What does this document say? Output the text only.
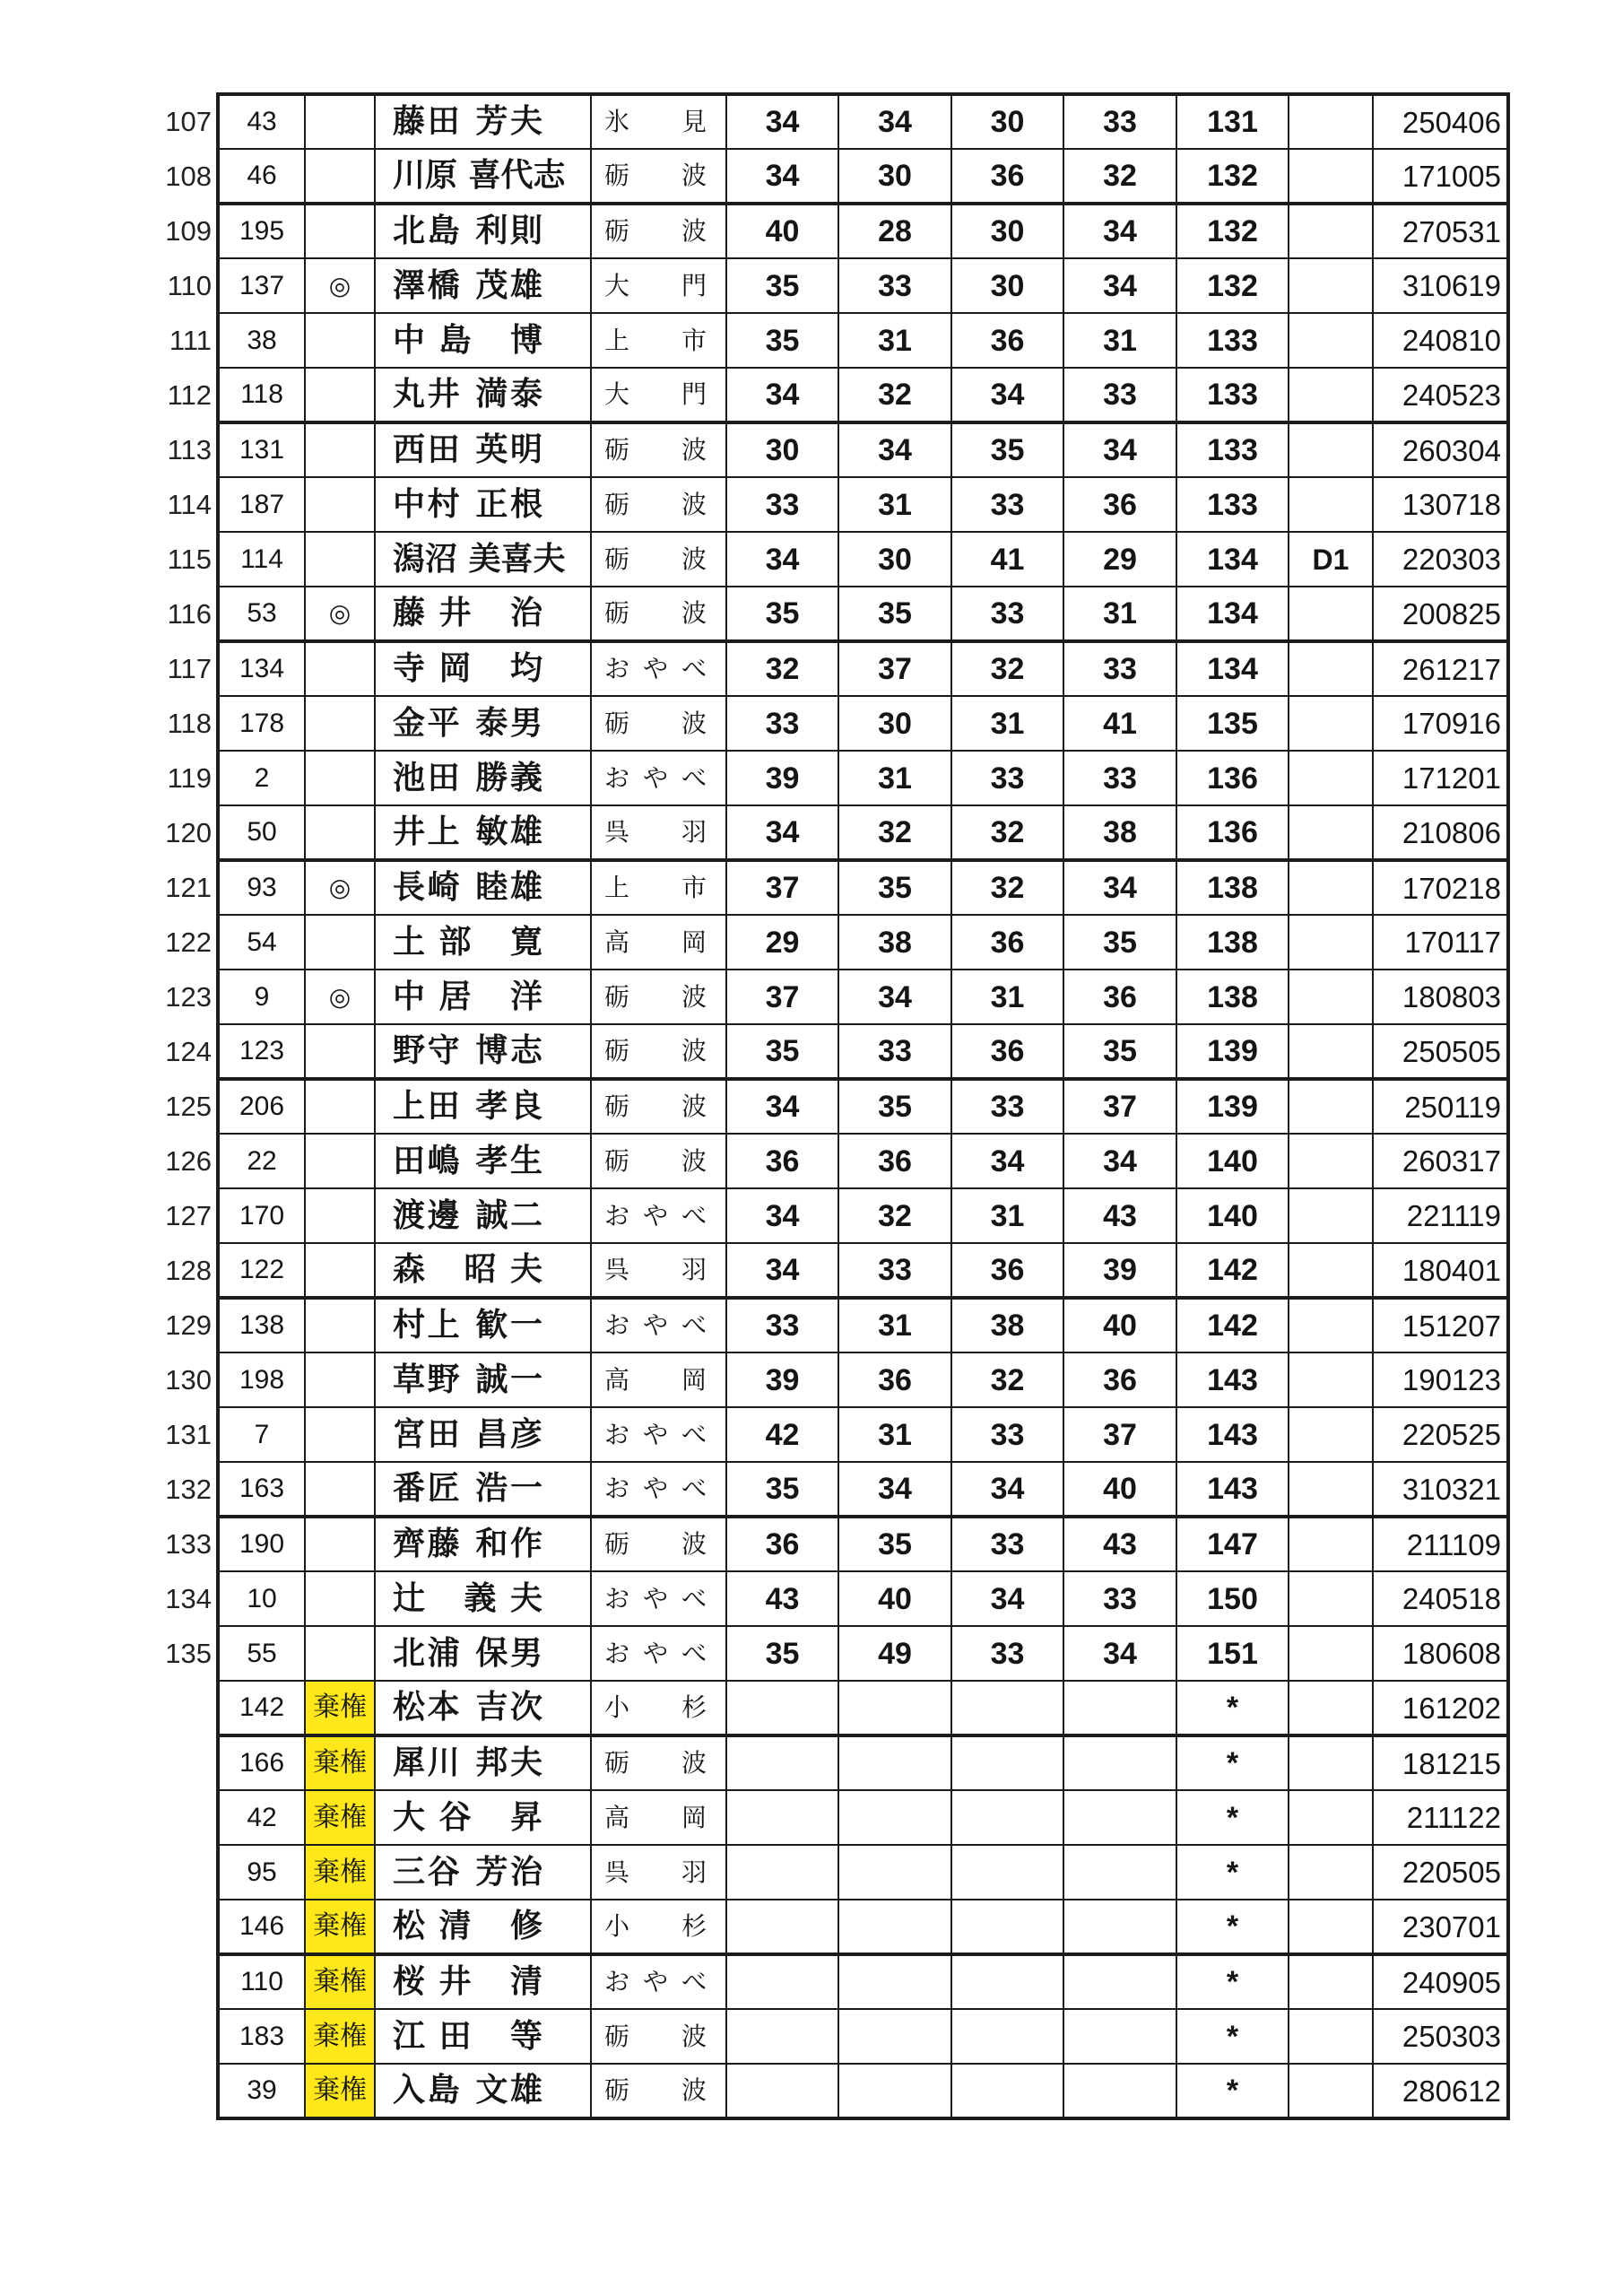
107	43		藤田 芳夫	氷 見	34	34	30	33	131		250406
108	46		川原 喜代志	砺 波	34	30	36	32	132		171005
109	195		北島 利則	砺 波	40	28	30	34	132		270531
110	137	◎	澤橋 茂雄	大 門	35	33	30	34	132		310619
111	38		中島 博	上 市	35	31	36	31	133		240810
112	118		丸井 満泰	大 門	34	32	34	33	133		240523
113	131		西田 英明	砺 波	30	34	35	34	133		260304
114	187		中村 正根	砺 波	33	31	33	36	133		130718
115	114		潟沼 美喜夫	砺 波	34	30	41	29	134	D1	220303
116	53	◎	藤井 治	砺 波	35	35	33	31	134		200825
117	134		寺岡 均	おやべ	32	37	32	33	134		261217
118	178		金平 泰男	砺 波	33	30	31	41	135		170916
119	2		池田 勝義	おやべ	39	31	33	33	136		171201
120	50		井上 敏雄	呉 羽	34	32	32	38	136		210806
121	93	◎	長崎 睦雄	上 市	37	35	32	34	138		170218
122	54		土部 寛	高 岡	29	38	36	35	138		170117
123	9	◎	中居 洋	砺 波	37	34	31	36	138		180803
124	123		野守 博志	砺 波	35	33	36	35	139		250505
125	206		上田 孝良	砺 波	34	35	33	37	139		250119
126	22		田嶋 孝生	砺 波	36	36	34	34	140		260317
127	170		渡邊 誠二	おやべ	34	32	31	43	140		221119
128	122		森 昭夫	呉 羽	34	33	36	39	142		180401
129	138		村上 歓一	おやべ	33	31	38	40	142		151207
130	198		草野 誠一	高 岡	39	36	32	36	143		190123
131	7		宮田 昌彦	おやべ	42	31	33	37	143		220525
132	163		番匠 浩一	おやべ	35	34	34	40	143		310321
133	190		齊藤 和作	砺 波	36	35	33	43	147		211109
134	10		辻 義夫	おやべ	43	40	34	33	150		240518
135	55		北浦 保男	おやべ	35	49	33	34	151		180608
	142	棄権	松本 吉次	小 杉					*		161202
	166	棄権	犀川 邦夫	砺 波					*		181215
	42	棄権	大谷 昇	高 岡					*		211122
	95	棄権	三谷 芳治	呉 羽					*		220505
	146	棄権	松清 修	小 杉					*		230701
	110	棄権	桜井 清	おやべ					*		240905
	183	棄権	江田 等	砺 波					*		250303
	39	棄権	入島 文雄	砺 波					*		280612
